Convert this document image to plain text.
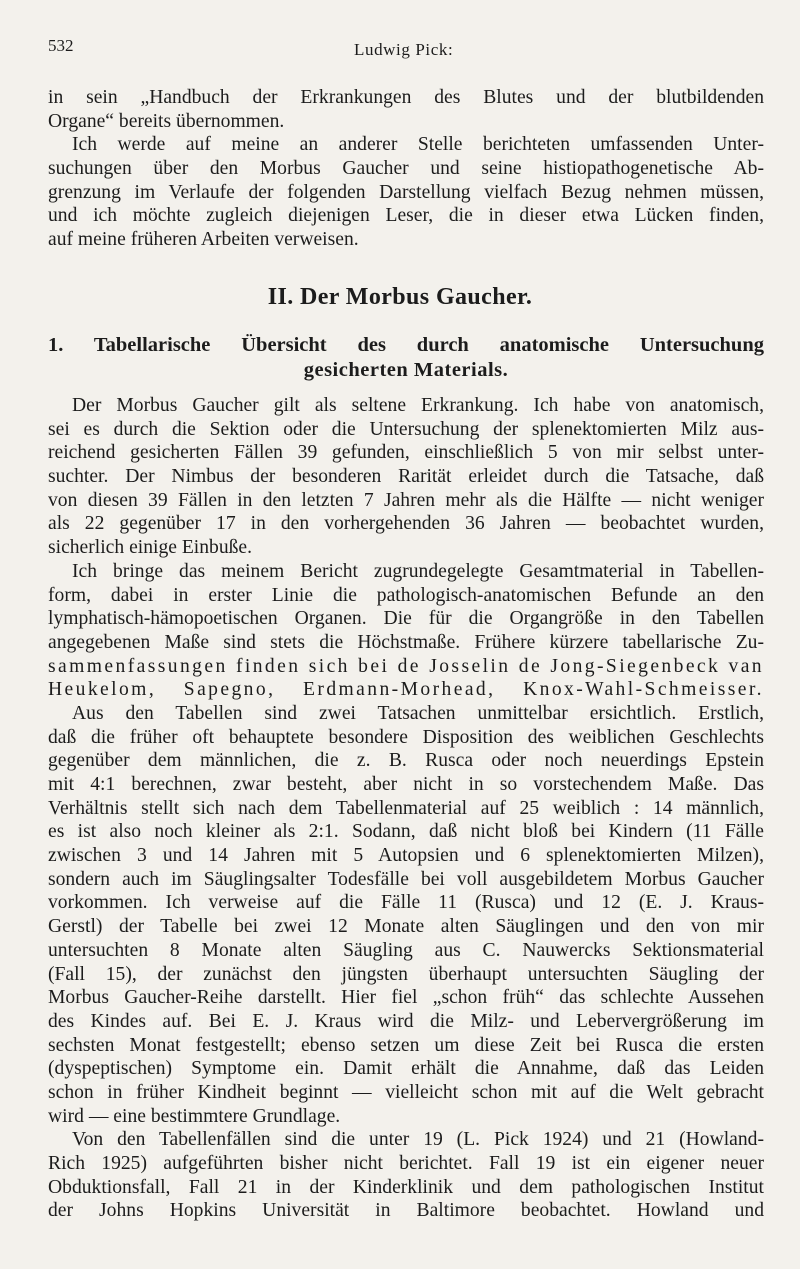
532	Ludwig Pick:
in sein „Handbuch der Erkrankungen des Blutes und der blutbildenden
Organe“ bereits übernommen.
Ich werde auf meine an anderer Stelle berichteten umfassenden Unter-
suchungen über den Morbus Gaucher und seine histiopathogenetische Ab-
grenzung im Verlaufe der folgenden Darstellung vielfach Bezug nehmen müssen,
und ich möchte zugleich diejenigen Leser, die in dieser etwa Lücken finden,
auf meine früheren Arbeiten verweisen.
II. Der Morbus Gaucher.
1. Tabellarische Übersicht des durch anatomische Untersuchung
gesicherten Materials.
Der Morbus Gaucher gilt als seltene Erkrankung. Ich habe von anatomisch,
sei es durch die Sektion oder die Untersuchung der splenektomierten Milz aus-
reichend gesicherten Fällen 39 gefunden, einschließlich 5 von mir selbst unter-
suchter. Der Nimbus der besonderen Rarität erleidet durch die Tatsache, daß
von diesen 39 Fällen in den letzten 7 Jahren mehr als die Hälfte — nicht weniger
als 22 gegenüber 17 in den vorhergehenden 36 Jahren — beobachtet wurden,
sicherlich einige Einbuße.
Ich bringe das meinem Bericht zugrundegelegte Gesamtmaterial in Tabellen-
form, dabei in erster Linie die pathologisch-anatomischen Befunde an den
lymphatisch-hämopoetischen Organen. Die für die Organgröße in den Tabellen
angegebenen Maße sind stets die Höchstmaße. Frühere kürzere tabellarische Zu-
sammenfassungen finden sich bei de Josselin de Jong-Siegenbeck van
Heukelom, Sapegno, Erdmann-Morhead, Knox-Wahl-Schmeisser.
Aus den Tabellen sind zwei Tatsachen unmittelbar ersichtlich. Erstlich,
daß die früher oft behauptete besondere Disposition des weiblichen Geschlechts
gegenüber dem männlichen, die z. B. Rusca oder noch neuerdings Epstein
mit 4:1 berechnen, zwar besteht, aber nicht in so vorstechendem Maße. Das
Verhältnis stellt sich nach dem Tabellenmaterial auf 25 weiblich : 14 männlich,
es ist also noch kleiner als 2:1. Sodann, daß nicht bloß bei Kindern (11 Fälle
zwischen 3 und 14 Jahren mit 5 Autopsien und 6 splenektomierten Milzen),
sondern auch im Säuglingsalter Todesfälle bei voll ausgebildetem Morbus Gaucher
vorkommen. Ich verweise auf die Fälle 11 (Rusca) und 12 (E. J. Kraus-
Gerstl) der Tabelle bei zwei 12 Monate alten Säuglingen und den von mir
untersuchten 8 Monate alten Säugling aus C. Nauwercks Sektionsmaterial
(Fall 15), der zunächst den jüngsten überhaupt untersuchten Säugling der
Morbus Gaucher-Reihe darstellt. Hier fiel „schon früh“ das schlechte Aussehen
des Kindes auf. Bei E. J. Kraus wird die Milz- und Lebervergrößerung im
sechsten Monat festgestellt; ebenso setzen um diese Zeit bei Rusca die ersten
(dyspeptischen) Symptome ein. Damit erhält die Annahme, daß das Leiden
schon in früher Kindheit beginnt — vielleicht schon mit auf die Welt gebracht
wird — eine bestimmtere Grundlage.
Von den Tabellenfällen sind die unter 19 (L. Pick 1924) und 21 (Howland-
Rich 1925) aufgeführten bisher nicht berichtet. Fall 19 ist ein eigener neuer
Obduktionsfall, Fall 21 in der Kinderklinik und dem pathologischen Institut
der Johns Hopkins Universität in Baltimore beobachtet. Howland und
